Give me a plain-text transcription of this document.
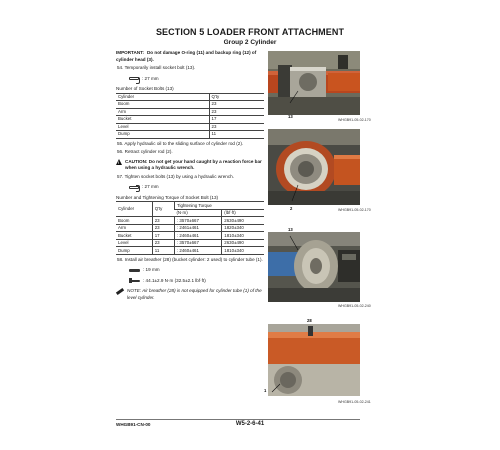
SECTION 5 LOADER FRONT ATTACHMENT
Group 2 Cylinder
IMPORTANT: Do not damage O-ring (11) and backup ring (12) of cylinder head (3).
54. Temporarily install socket bolt (13).
: 27 mm
Number of Socket Bolts (13)
Cylinder	Q'ty
Boom	23
Arm	23
Bucket	17
Level	23
Dump	11
55. Apply hydraulic oil to the sliding surface of cylinder rod (2).
56. Retract cylinder rod (2).
!
CAUTION: Do not get your hand caught by a reaction force bar when using a hydraulic wrench.
57. Tighten socket bolts (13) by using a hydraulic wrench.
: 27 mm
Number and Tightening Torque of Socket Bolt (13)
Cylinder	Q'ty	Tightening Torque	
		(N·m)	(lbf·ft)
Boom	23	: 3570±667	2630±490
Arm	23	: 2461±461	1820±340
Bucket	17	: 2460±461	1810±340
Level	23	: 3570±667	2630±490
Dump	11	: 2460±461	1810±340
58. Install air breather (28) (bucket cylinder: 2 used) to cylinder tube (1).
: 19 mm
: 44.1±2.9 N·m (32.5±2.1 lbf·ft)
NOTE: Air breather (28) is not equipped for cylinder tube (1) of the level cylinder.
13
WHGB91-05-02-170
2	WHGB91-05-02-170
13
WHGB91-05-02-240
28
1
WHGB91-05-02-241
WHGB91-CN-00	W5-2-6-41
